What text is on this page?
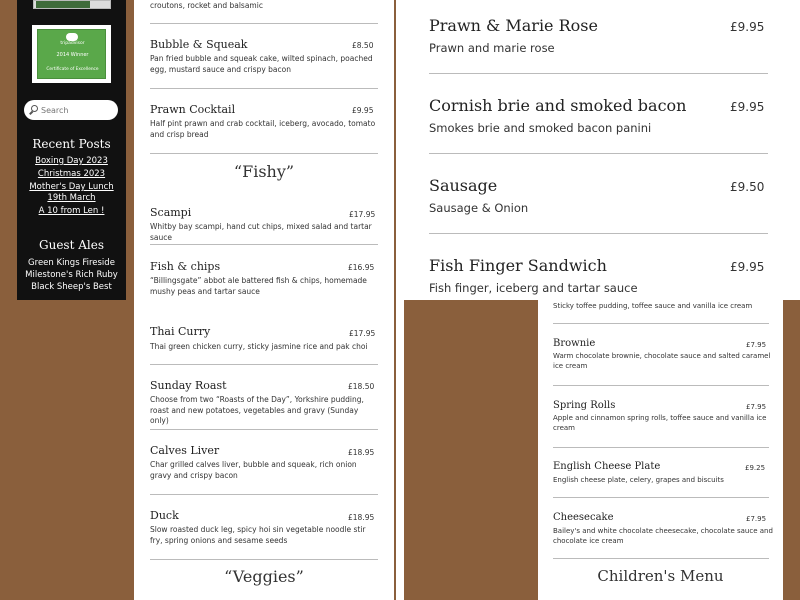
tripadvisor
2014 Winner
Certificate of Excellence
Search
Recent Posts
Boxing Day 2023
Christmas 2023
Mother's Day Lunch 19th March
A 10 from Len !
Guest Ales
Green Kings Fireside
Milestone's Rich Ruby
Black Sheep's Best
croutons, rocket and balsamic
Bubble & Squeak	£8.50
Pan fried bubble and squeak cake, wilted spinach, poached egg, mustard sauce and crispy bacon
Prawn Cocktail	£9.95
Half pint prawn and crab cocktail, iceberg, avocado, tomato and crisp bread
“Fishy”
Scampi	£17.95
Whitby bay scampi, hand cut chips, mixed salad and tartar sauce
Fish & chips	£16.95
“Billingsgate” abbot ale battered fish & chips, homemade mushy peas and tartar sauce
Prawn & Marie Rose	£9.95
Prawn and marie rose
Cornish brie and smoked bacon	£9.95
Smokes brie and smoked bacon panini
Sausage	£9.50
Sausage & Onion
Fish Finger Sandwich	£9.95
Fish finger, iceberg and tartar sauce
Thai Curry	£17.95
Thai green chicken curry, sticky jasmine rice and pak choi
Sunday Roast	£18.50
Choose from two “Roasts of the Day”, Yorkshire pudding, roast and new potatoes, vegetables and gravy (Sunday only)
Calves Liver	£18.95
Char grilled calves liver, bubble and squeak, rich onion gravy and crispy bacon
Duck	£18.95
Slow roasted duck leg, spicy hoi sin vegetable noodle stir fry, spring onions and sesame seeds
“Veggies”
Sticky toffee pudding, toffee sauce and vanilla ice cream
Brownie	£7.95
Warm chocolate brownie, chocolate sauce and salted caramel ice cream
Spring Rolls	£7.95
Apple and cinnamon spring rolls, toffee sauce and vanilla ice cream
English Cheese Plate	£9.25
English cheese plate, celery, grapes and biscuits
Cheesecake	£7.95
Bailey's and white chocolate cheesecake, chocolate sauce and chocolate ice cream
Children's Menu
